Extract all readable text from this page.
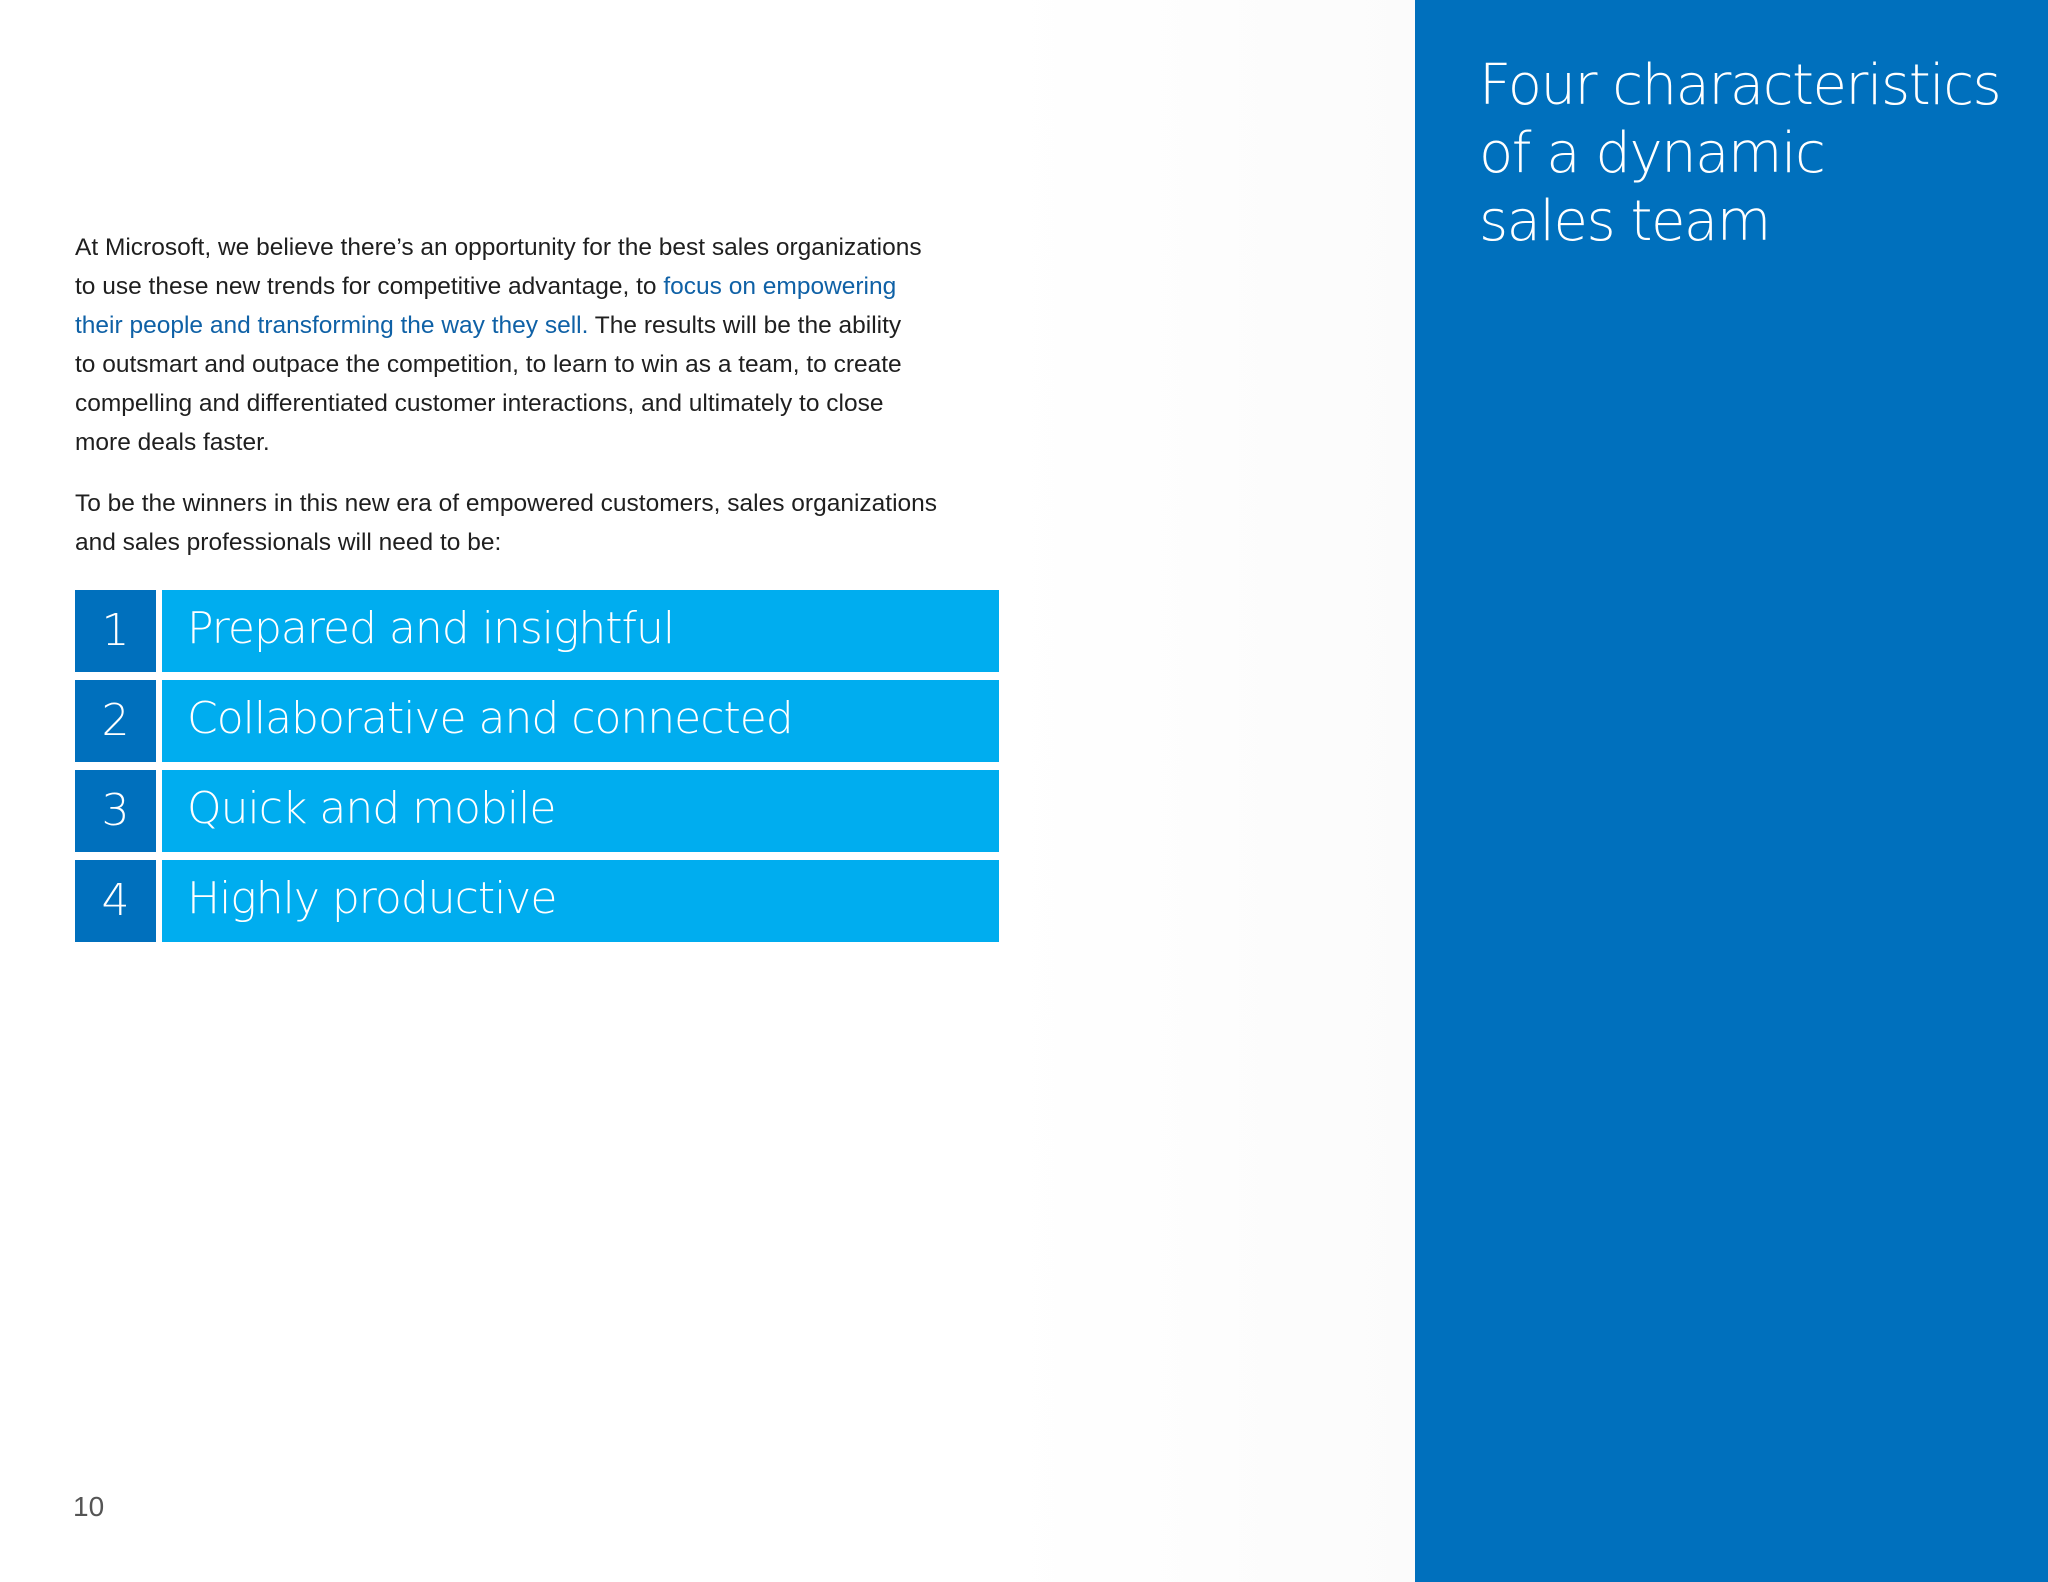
Four characteristics
of a dynamic
sales team

At Microsoft, we believe there’s an opportunity for the best sales organizations
to use these new trends for competitive advantage, to focus on empowering
their people and transforming the way they sell. The results will be the ability
to outsmart and outpace the competition, to learn to win as a team, to create
compelling and differentiated customer interactions, and ultimately to close
more deals faster.

To be the winners in this new era of empowered customers, sales organizations
and sales professionals will need to be:

1	Prepared and insightful
2	Collaborative and connected
3	Quick and mobile
4	Highly productive
10
